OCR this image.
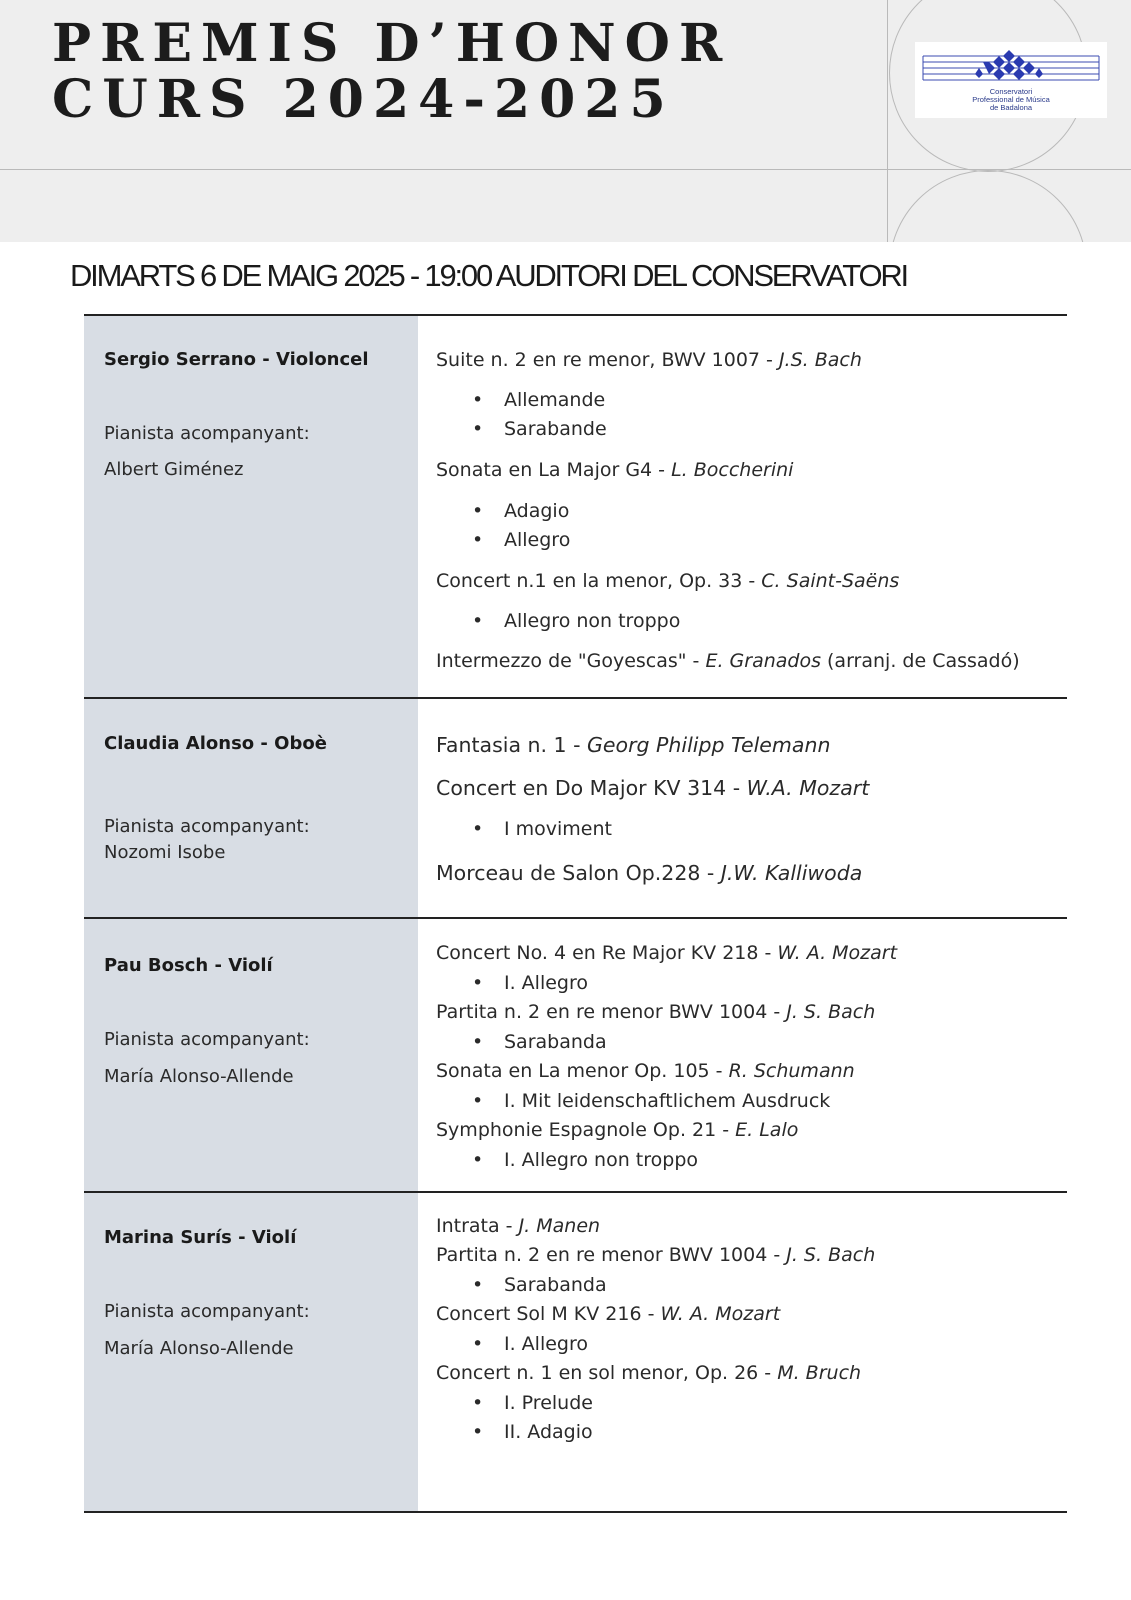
PREMIS D’HONOR
CURS 2024-2025	Conservatori
Professional de Música
de Badalona
DIMARTS 6 DE MAIG 2025 - 19:00 AUDITORI DEL CONSERVATORI
Sergio Serrano - Violoncel
Pianista acompanyant:
Albert Giménez
Suite n. 2 en re menor, BWV 1007 - J.S. Bach
• Allemande
• Sarabande
Sonata en La Major G4 - L. Boccherini
• Adagio
• Allegro
Concert n.1 en la menor, Op. 33 - C. Saint-Saëns
• Allegro non troppo
Intermezzo de "Goyescas" - E. Granados (arranj. de Cassadó)
Claudia Alonso - Oboè
Pianista acompanyant:
Nozomi Isobe
Fantasia n. 1 - Georg Philipp Telemann
Concert en Do Major KV 314 - W.A. Mozart
• I moviment
Morceau de Salon Op.228 - J.W. Kalliwoda
Pau Bosch - Violí
Pianista acompanyant:
María Alonso-Allende
Concert No. 4 en Re Major KV 218 - W. A. Mozart
• I. Allegro
Partita n. 2 en re menor BWV 1004 - J. S. Bach
• Sarabanda
Sonata en La menor Op. 105 - R. Schumann
• I. Mit leidenschaftlichem Ausdruck
Symphonie Espagnole Op. 21 - E. Lalo
• I. Allegro non troppo
Marina Surís - Violí
Pianista acompanyant:
María Alonso-Allende
Intrata - J. Manen
Partita n. 2 en re menor BWV 1004 - J. S. Bach
• Sarabanda
Concert Sol M KV 216 - W. A. Mozart
• I. Allegro
Concert n. 1 en sol menor, Op. 26 - M. Bruch
• I. Prelude
• II. Adagio
